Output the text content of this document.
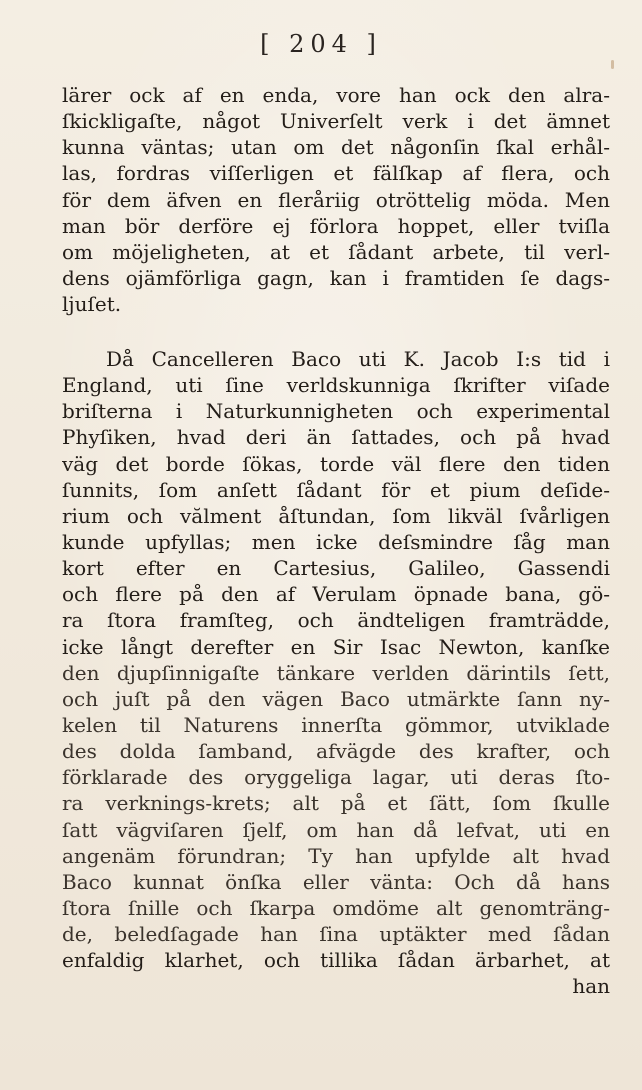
[ 204 ]
lärer ock af en enda, vore han ock den alra-
ſkickligaſte, något Univerſelt verk i det ämnet
kunna väntas; utan om det någonſin ſkal erhål-
las, fordras viſſerligen et fälſkap af flera, och
för dem äfven en fleråriig otröttelig möda. Men
man bör derföre ej förlora hoppet, eller tviſla
om möjeligheten, at et ſådant arbete, til verl-
dens ojämförliga gagn, kan i framtiden ſe dags-
ljuſet.
Då Cancelleren Baco uti K. Jacob I:s tid i
England, uti ſine verldskunniga ſkrifter viſade
briſterna i Naturkunnigheten och experimental
Phyſiken, hvad deri än ſattades, och på hvad
väg det borde ſökas, torde väl flere den tiden
ſunnits, ſom anſett ſådant för et pium deſide-
rium och vălment åſtundan, ſom likväl ſvårligen
kunde upfyllas; men icke deſsmindre ſåg man
kort efter en Cartesius, Galileo, Gassendi
och flere på den af Verulam öpnade bana, gö-
ra ſtora framſteg, och ändteligen framträdde,
icke långt derefter en Sir Isac Newton, kanſke
den djupſinnigaſte tänkare verlden därintils ſett,
och juſt på den vägen Baco utmärkte ſann ny-
kelen til Naturens innerſta gömmor, utviklade
des dolda ſamband, afvägde des krafter, och
förklarade des oryggeliga lagar, uti deras ſto-
ra verknings-krets; alt på et ſätt, ſom ſkulle
ſatt vägviſaren ſjelf, om han då lefvat, uti en
angenäm förundran; Ty han upfylde alt hvad
Baco kunnat önſka eller vänta: Och då hans
ſtora ſnille och ſkarpa omdöme alt genomträng-
de, beledſagade han ſina uptäkter med ſådan
enfaldig klarhet, och tillika ſådan ärbarhet, at
han
